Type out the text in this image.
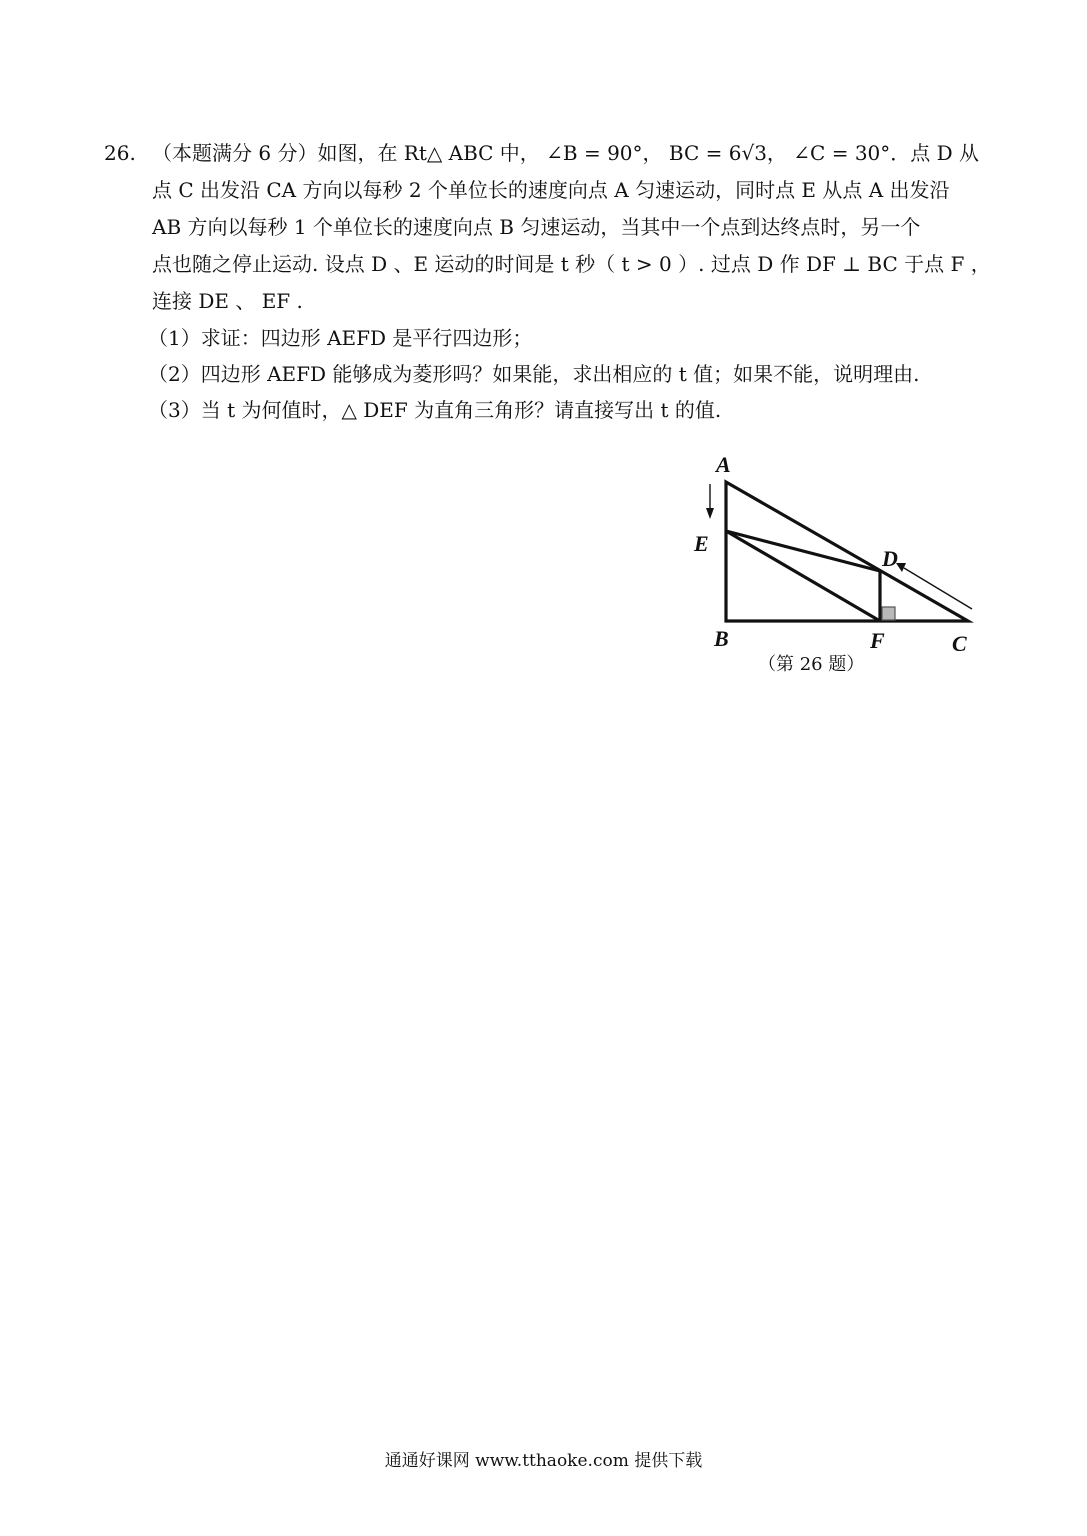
26. （本题满分 6 分）如图，在 Rt△ ABC 中， ∠B = 90°， BC = 6√3， ∠C = 30°．点 D 从
点 C 出发沿 CA 方向以每秒 2 个单位长的速度向点 A 匀速运动，同时点 E 从点 A 出发沿
AB 方向以每秒 1 个单位长的速度向点 B 匀速运动，当其中一个点到达终点时，另一个
点也随之停止运动. 设点 D 、E 运动的时间是 t 秒（ t > 0 ）. 过点 D 作 DF ⊥ BC 于点 F ，
连接 DE 、 EF .
（1）求证：四边形 AEFD 是平行四边形；
（2）四边形 AEFD 能够成为菱形吗？如果能，求出相应的 t 值；如果不能，说明理由.
（3）当 t 为何值时，△ DEF 为直角三角形？请直接写出 t 的值.
A
E
D
B	F	C
（第 26 题）
通通好课网 www.tthaoke.com 提供下载
